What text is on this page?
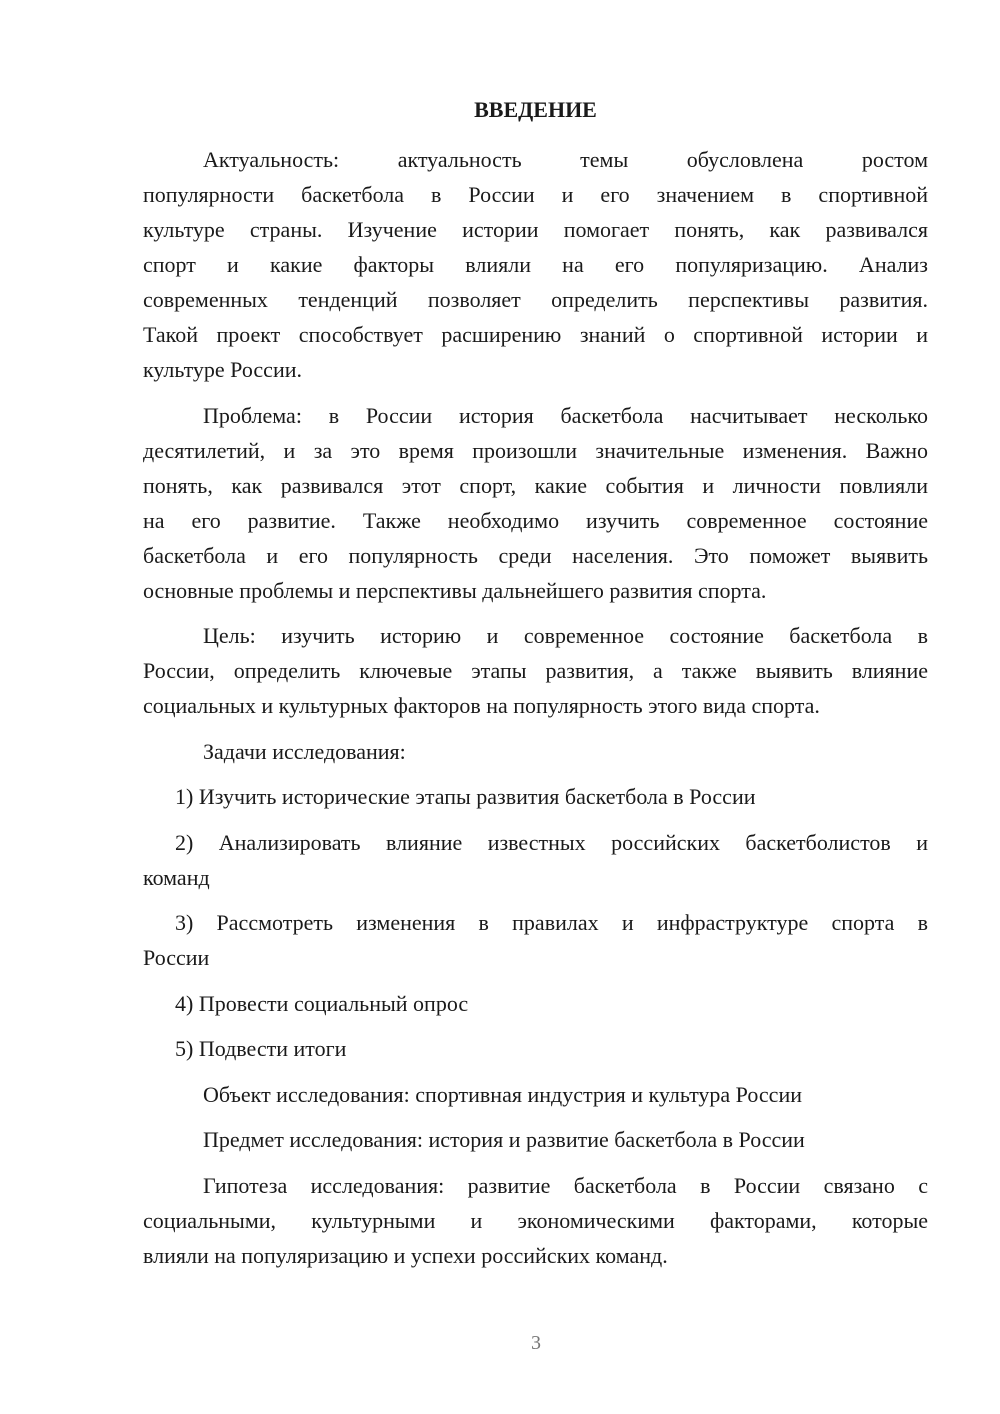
ВВЕДЕНИЕ
Актуальность: актуальность темы обусловлена ростом
популярности баскетбола в России и его значением в спортивной
культуре страны. Изучение истории помогает понять, как развивался
спорт и какие факторы влияли на его популяризацию. Анализ
современных тенденций позволяет определить перспективы развития.
Такой проект способствует расширению знаний о спортивной истории и
культуре России.
Проблема: в России история баскетбола насчитывает несколько
десятилетий, и за это время произошли значительные изменения. Важно
понять, как развивался этот спорт, какие события и личности повлияли
на его развитие. Также необходимо изучить современное состояние
баскетбола и его популярность среди населения. Это поможет выявить
основные проблемы и перспективы дальнейшего развития спорта.
Цель: изучить историю и современное состояние баскетбола в
России, определить ключевые этапы развития, а также выявить влияние
социальных и культурных факторов на популярность этого вида спорта.
Задачи исследования:
1) Изучить исторические этапы развития баскетбола в России
2) Анализировать влияние известных российских баскетболистов и
команд
3) Рассмотреть изменения в правилах и инфраструктуре спорта в
России
4) Провести социальный опрос
5) Подвести итоги
Объект исследования: спортивная индустрия и культура России
Предмет исследования: история и развитие баскетбола в России
Гипотеза исследования: развитие баскетбола в России связано с
социальными, культурными и экономическими факторами, которые
влияли на популяризацию и успехи российских команд.
3
